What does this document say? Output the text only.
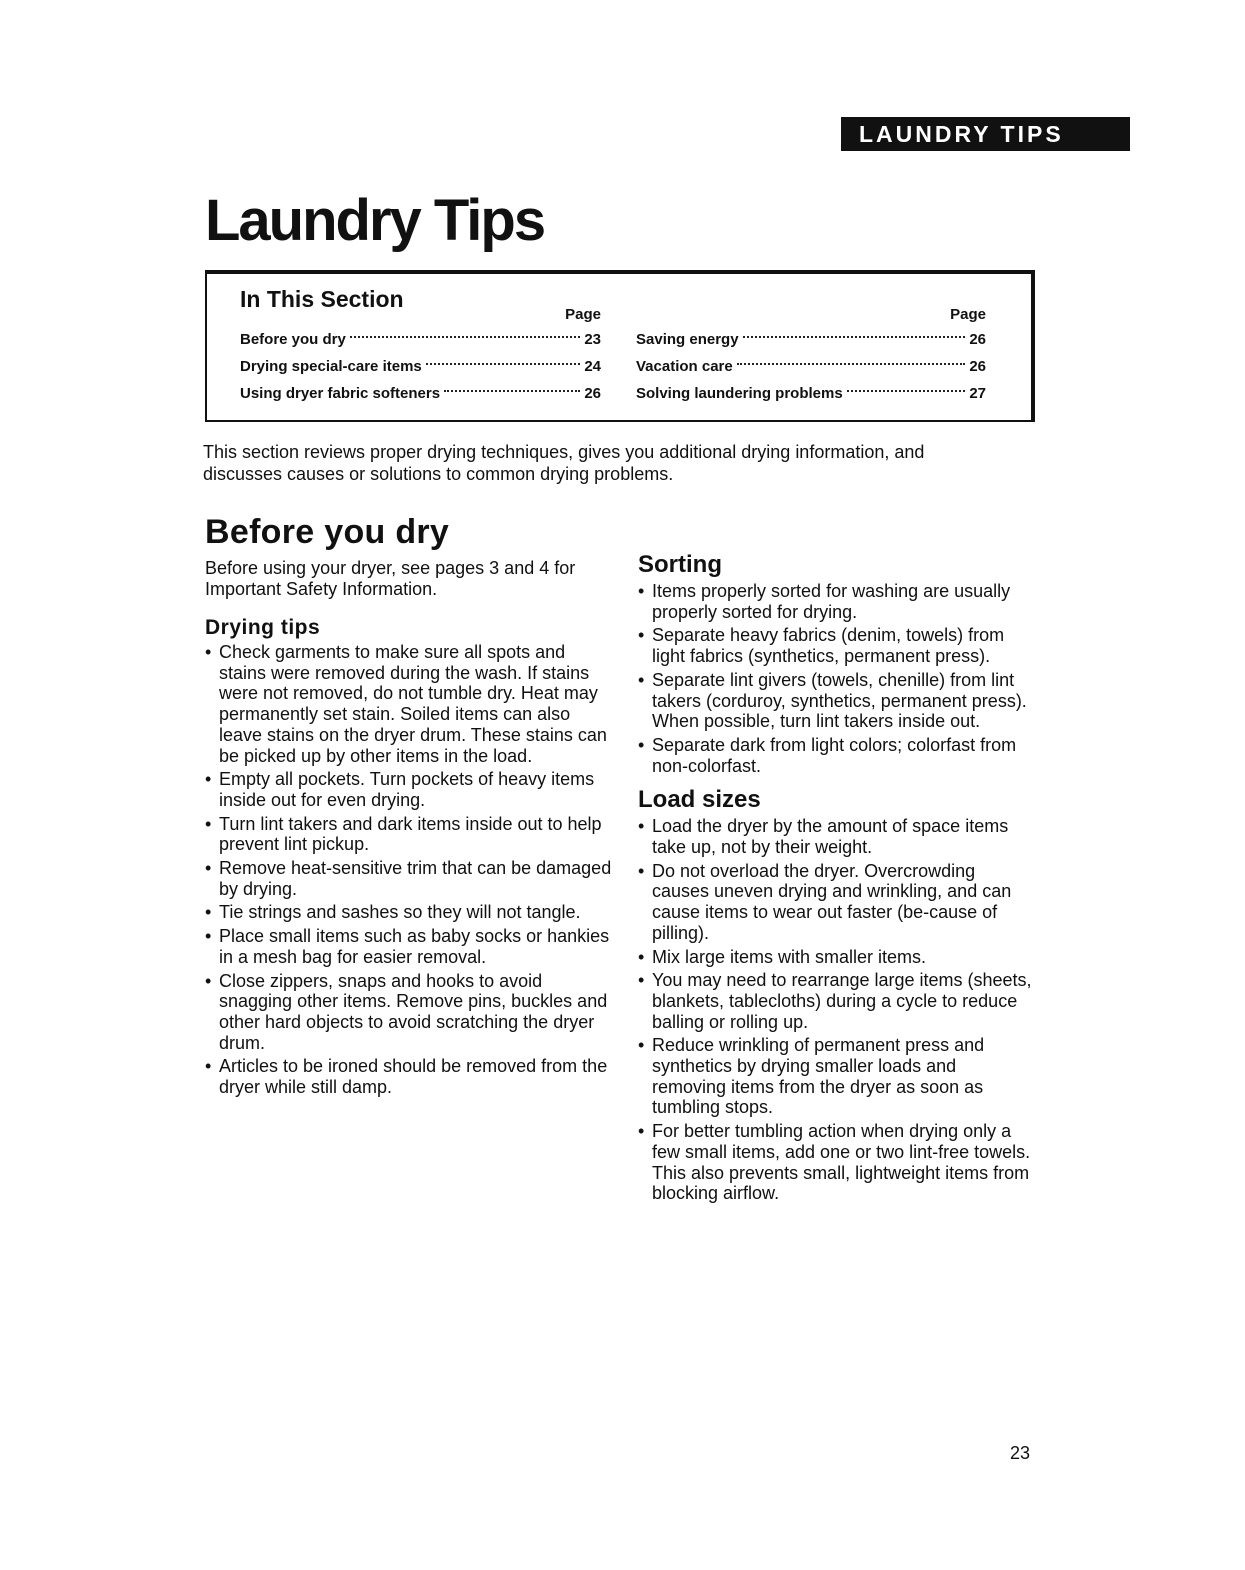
LAUNDRY TIPS
Laundry Tips
In This Section
Page
Before you dry	23
Drying special-care items	24
Using dryer fabric softeners	26
Page
Saving energy	26
Vacation care	26
Solving laundering problems	27

This section reviews proper drying techniques, gives you additional drying information, and discusses causes or solutions to common drying problems.

Before you dry

Before using your dryer, see pages 3 and 4 for Important Safety Information.

Drying tips
• Check garments to make sure all spots and stains were removed during the wash. If stains were not removed, do not tumble dry. Heat may permanently set stain. Soiled items can also leave stains on the dryer drum. These stains can be picked up by other items in the load.
• Empty all pockets. Turn pockets of heavy items inside out for even drying.
• Turn lint takers and dark items inside out to help prevent lint pickup.
• Remove heat-sensitive trim that can be damaged by drying.
• Tie strings and sashes so they will not tangle.
• Place small items such as baby socks or hankies in a mesh bag for easier removal.
• Close zippers, snaps and hooks to avoid snagging other items. Remove pins, buckles and other hard objects to avoid scratching the dryer drum.
• Articles to be ironed should be removed from the dryer while still damp.
Sorting
• Items properly sorted for washing are usually properly sorted for drying.
• Separate heavy fabrics (denim, towels) from light fabrics (synthetics, permanent press).
• Separate lint givers (towels, chenille) from lint takers (corduroy, synthetics, permanent press). When possible, turn lint takers inside out.
• Separate dark from light colors; colorfast from non-colorfast.
Load sizes
• Load the dryer by the amount of space items take up, not by their weight.
• Do not overload the dryer. Overcrowding causes uneven drying and wrinkling, and can cause items to wear out faster (be-cause of pilling).
• Mix large items with smaller items.
• You may need to rearrange large items (sheets, blankets, tablecloths) during a cycle to reduce balling or rolling up.
• Reduce wrinkling of permanent press and synthetics by drying smaller loads and removing items from the dryer as soon as tumbling stops.
• For better tumbling action when drying only a few small items, add one or two lint-free towels. This also prevents small, lightweight items from blocking airflow.
23
